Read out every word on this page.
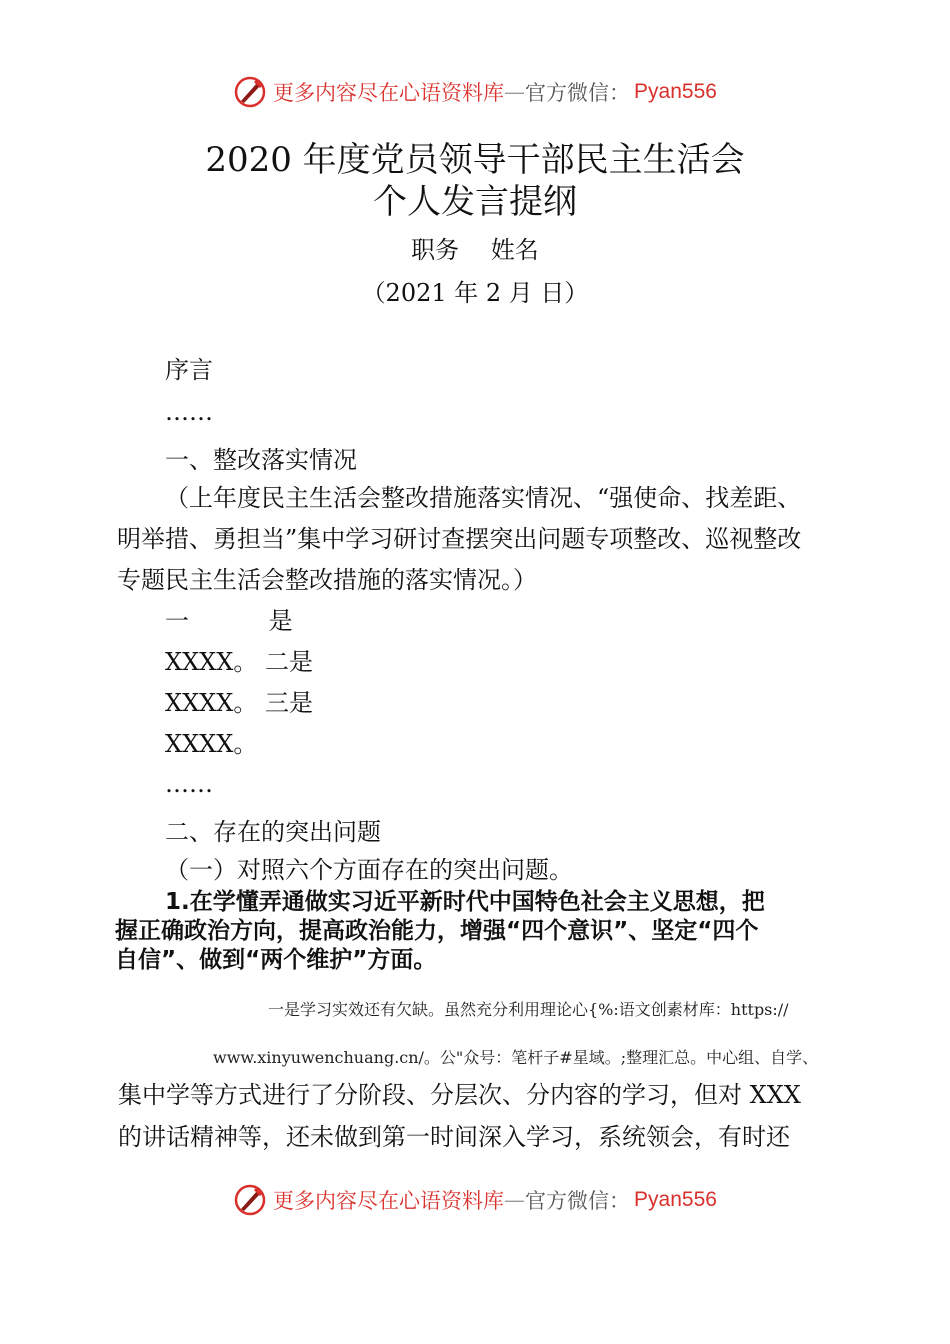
更多内容尽在心语资料库 — 官方微信： Pyan556
2020 年度党员领导干部民主生活会
个人发言提纲
职务　 姓名
（2021 年 2 月 日）
序言
……
一、整改落实情况
（上年度民主生活会整改措施落实情况、“强使命、找差距、
明举措、勇担当”集中学习研讨查摆突出问题专项整改、巡视整改
专题民主生活会整改措施的落实情况。）
一　　　 是
XXXX。 二是
XXXX。 三是
XXXX。
……
二、存在的突出问题
（一）对照六个方面存在的突出问题。
1.在学懂弄通做实习近平新时代中国特色社会主义思想，把
握正确政治方向，提高政治能力，增强“四个意识”、坚定“四个
自信”、做到“两个维护”方面。
一是学习实效还有欠缺。虽然充分利用理论心{%:语文创素材库：https://
www.xinyuwenchuang.cn/。公"众号：笔杆子#星域。;整理汇总。中心组、自学、
集中学等方式进行了分阶段、分层次、分内容的学习，但对 XXX
的讲话精神等，还未做到第一时间深入学习，系统领会，有时还
更多内容尽在心语资料库 — 官方微信： Pyan556
